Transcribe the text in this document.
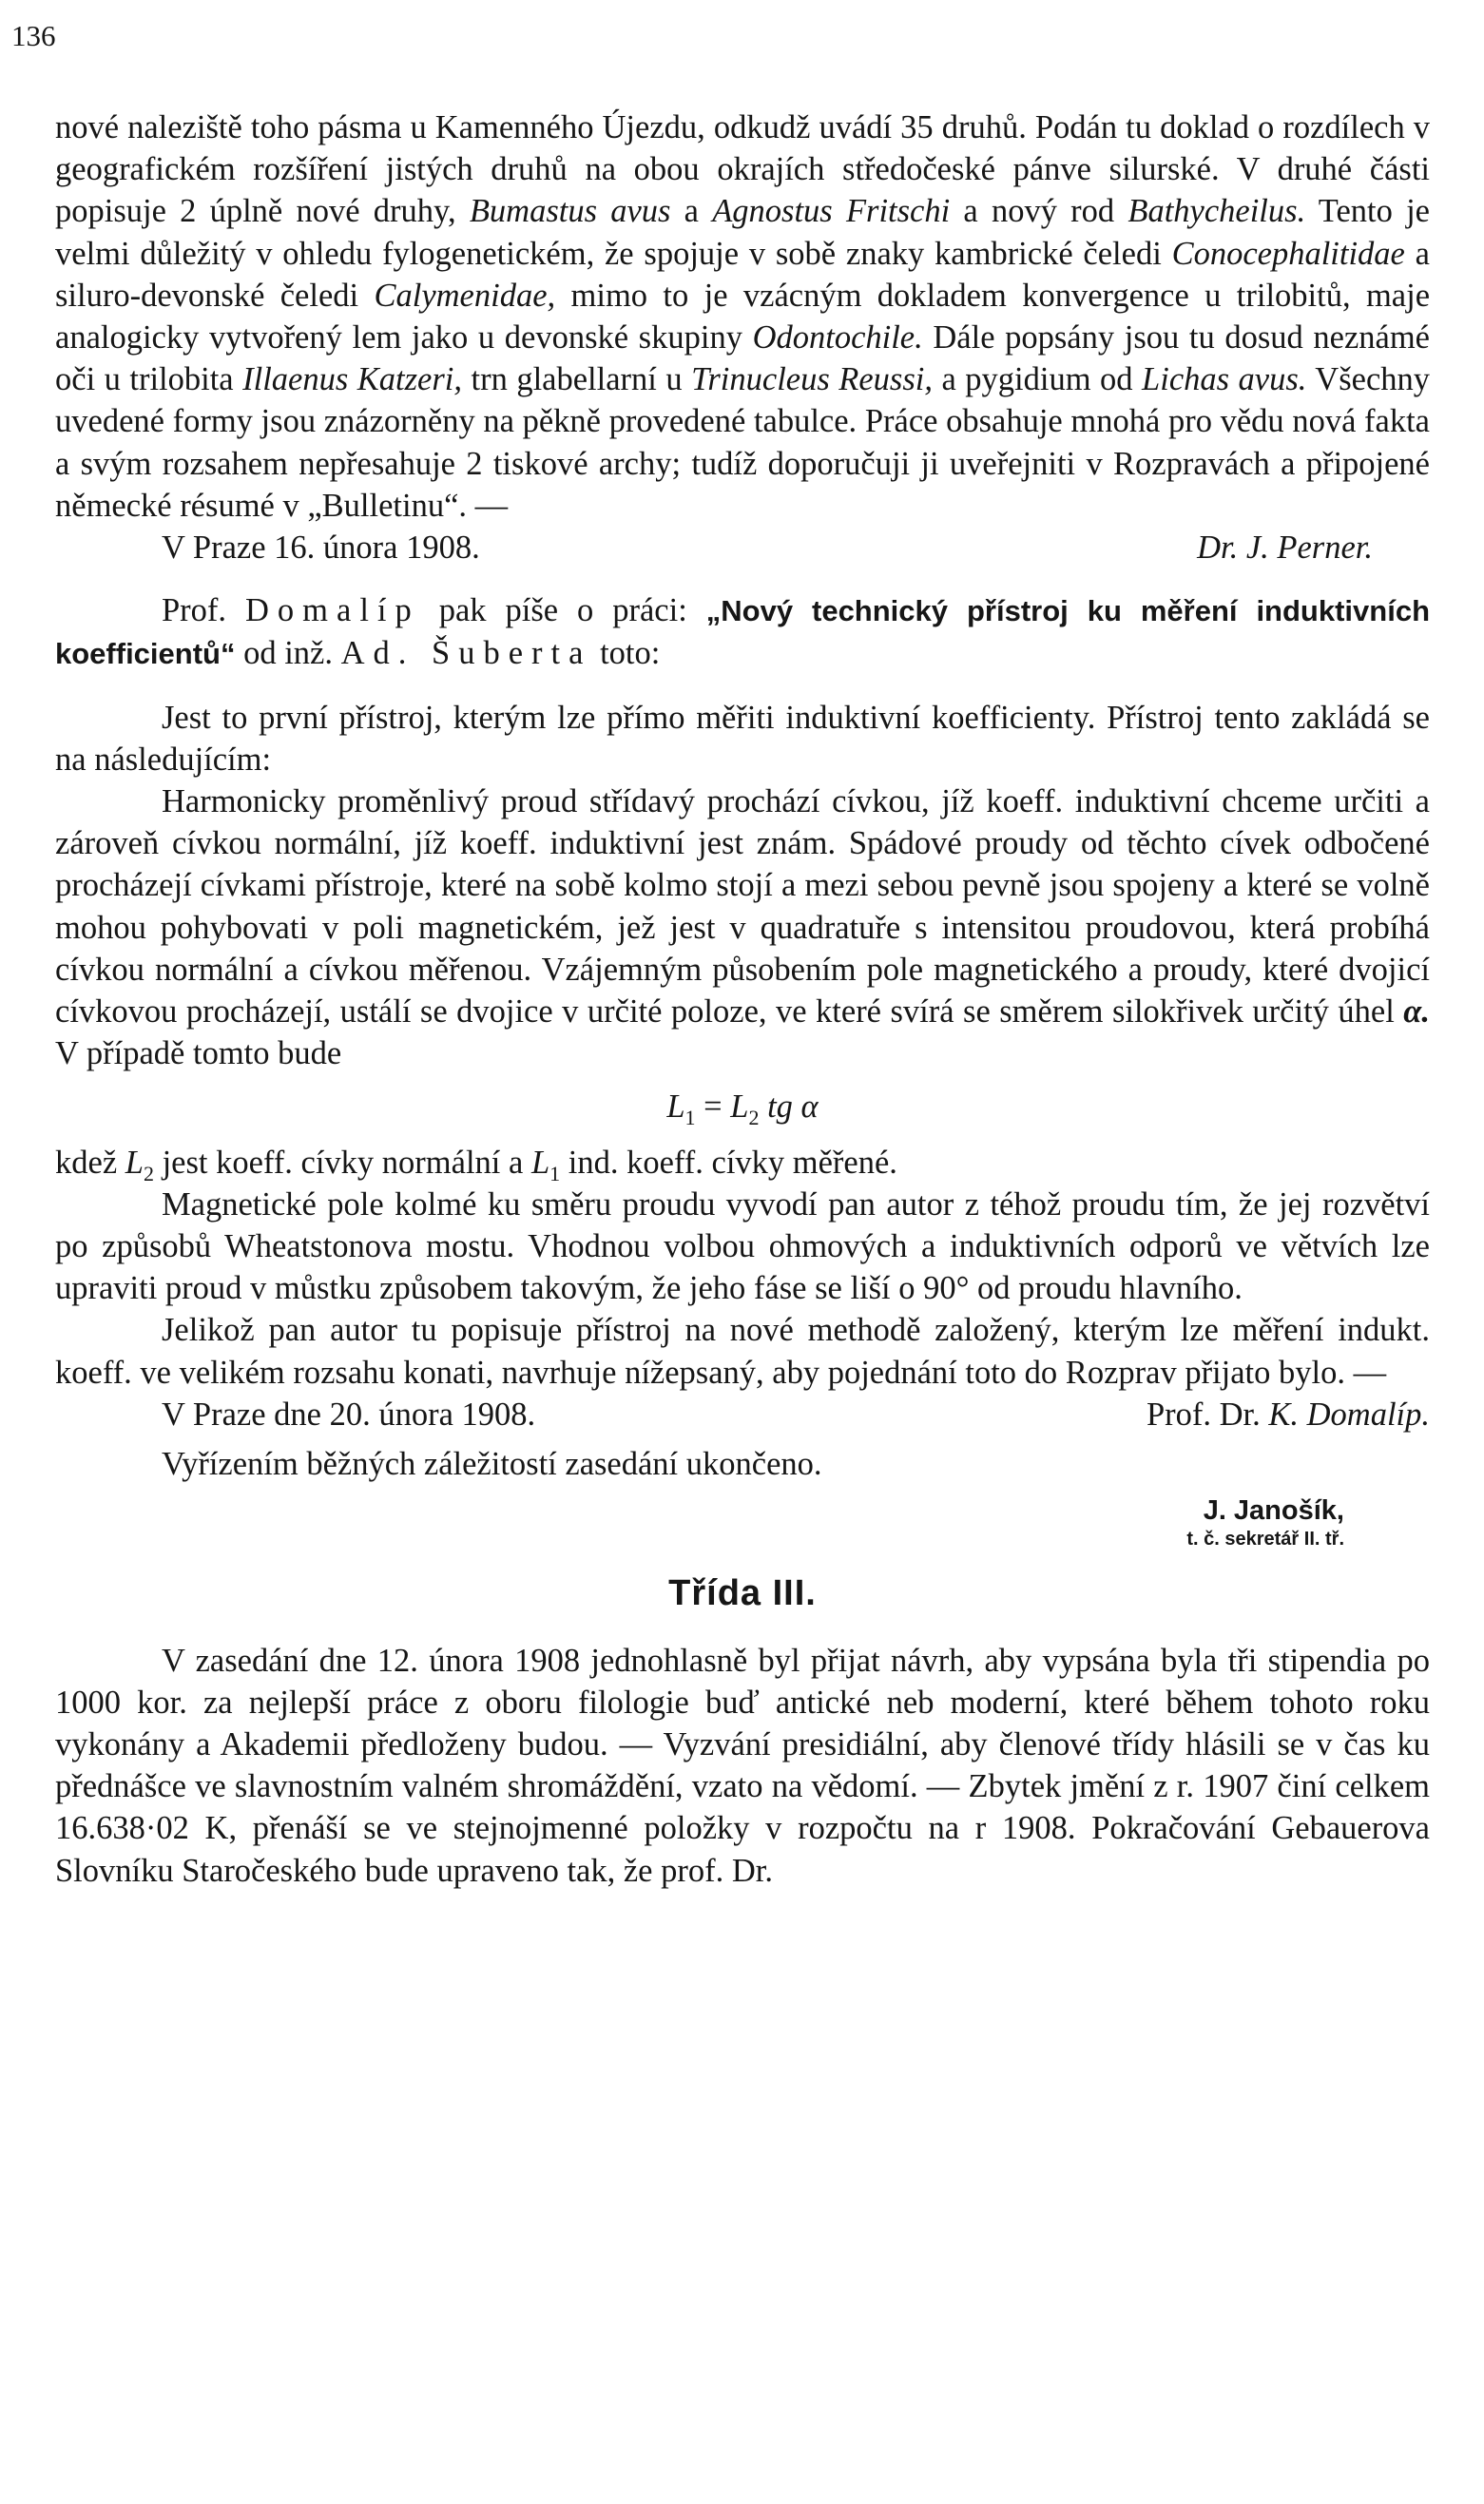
136

nové naleziště toho pásma u Kamenného Újezdu, odkudž uvádí 35 druhů. Podán tu doklad o rozdílech v geografickém rozšíření jistých druhů na obou okrajích středočeské pánve silurské. V druhé části popisuje 2 úplně nové druhy, Bumastus avus a Agnostus Fritschi a nový rod Bathycheilus. Tento je velmi důležitý v ohledu fylogenetickém, že spojuje v sobě znaky kambrické čeledi Conocephalitidae a siluro-devonské čeledi Calymenidae, mimo to je vzácným dokladem konvergence u trilobitů, maje analogicky vytvořený lem jako u devonské skupiny Odontochile. Dále popsány jsou tu dosud neznámé oči u trilobita Illaenus Katzeri, trn glabellarní u Trinucleus Reussi, a pygidium od Lichas avus. Všechny uvedené formy jsou znázorněny na pěkně provedené tabulce. Práce obsahuje mnohá pro vědu nová fakta a svým rozsahem nepřesahuje 2 tiskové archy; tudíž doporučuji ji uveřejniti v Rozpravách a připojené německé résumé v „Bulletinu“. —

V Praze 16. února 1908.	Dr. J. Perner.

Prof. Domalíp pak píše o práci: „Nový technický přístroj ku měření induktivních koefficientů“ od inž. Ad. Šuberta toto:

Jest to první přístroj, kterým lze přímo měřiti induktivní koefficienty. Přístroj tento zakládá se na následujícím:

Harmonicky proměnlivý proud střídavý prochází cívkou, jíž koeff. induktivní chceme určiti a zároveň cívkou normální, jíž koeff. induktivní jest znám. Spádové proudy od těchto cívek odbočené procházejí cívkami přístroje, které na sobě kolmo stojí a mezi sebou pevně jsou spojeny a které se volně mohou pohybovati v poli magnetickém, jež jest v quadratuře s intensitou proudovou, která probíhá cívkou normální a cívkou měřenou. Vzájemným působením pole magnetického a proudy, které dvojicí cívkovou procházejí, ustálí se dvojice v určité poloze, ve které svírá se směrem silokřivek určitý úhel α. V případě tomto bude

$L_1 = L_2$ tg α

kdež $L_2$ jest koeff. cívky normální a $L_1$ ind. koeff. cívky měřené.

Magnetické pole kolmé ku směru proudu vyvodí pan autor z téhož proudu tím, že jej rozvětví po způsobů Wheatstonova mostu. Vhodnou volbou ohmových a induktivních odporů ve větvích lze upraviti proud v můstku způsobem takovým, že jeho fáse se liší o 90° od proudu hlavního.

Jelikož pan autor tu popisuje přístroj na nové methodě založený, kterým lze měření indukt. koeff. ve velikém rozsahu konati, navrhuje nížepsaný, aby pojednání toto do Rozprav přijato bylo. —

V Praze dne 20. února 1908.	Prof. Dr. K. Domalíp.

Vyřízením běžných záležitostí zasedání ukončeno.

J. Janošík,
t. č. sekretář II. tř.
Třída III.

V zasedání dne 12. února 1908 jednohlasně byl přijat návrh, aby vypsána byla tři stipendia po 1000 kor. za nejlepší práce z oboru filologie buď antické neb moderní, které během tohoto roku vykonány a Akademii předloženy budou. — Vyzvání presidiální, aby členové třídy hlásili se v čas ku přednášce ve slavnostním valném shromáždění, vzato na vědomí. — Zbytek jmění z r. 1907 činí celkem 16.638·02 K, přenáší se ve stejnojmenné položky v rozpočtu na r 1908. Pokračování Gebauerova Slovníku Staročeského bude upraveno tak, že prof. Dr.
